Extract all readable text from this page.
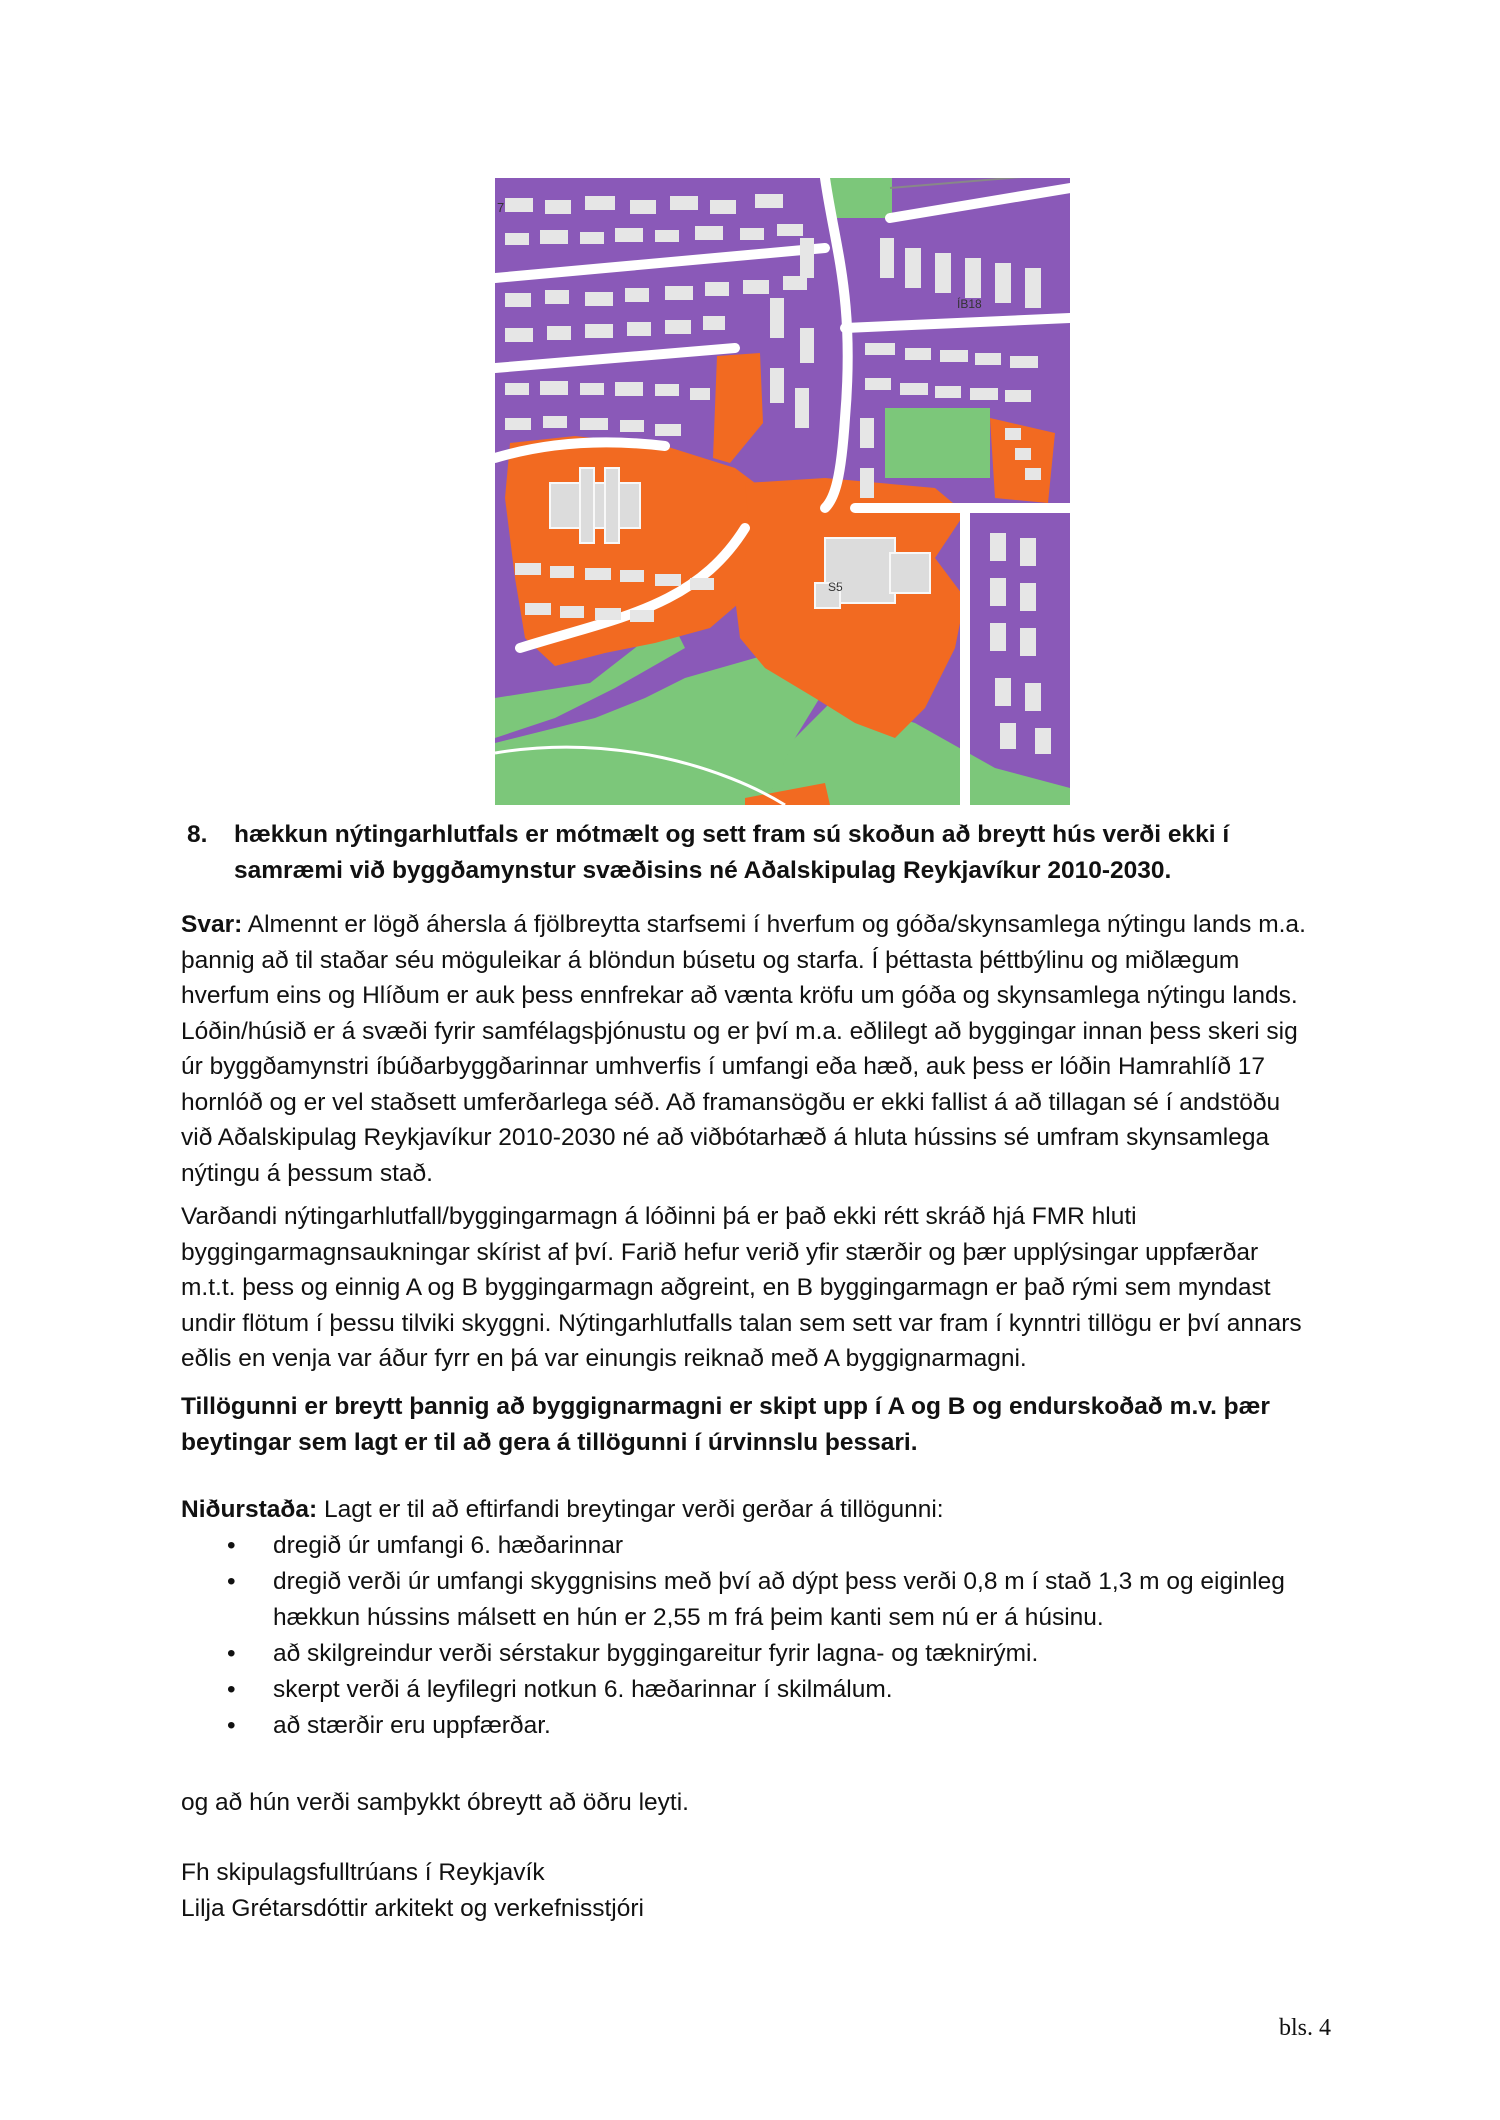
7
ÍB18
S5
8. hækkun nýtingarhlutfals er mótmælt og sett fram sú skoðun að breytt hús verði ekki í
samræmi við byggðamynstur svæðisins né Aðalskipulag Reykjavíkur 2010-2030.
Svar: Almennt er lögð áhersla á fjölbreytta starfsemi í hverfum og góða/skynsamlega nýtingu lands m.a.
þannig að til staðar séu möguleikar á blöndun búsetu og starfa. Í þéttasta þéttbýlinu og miðlægum
hverfum eins og Hlíðum er auk þess ennfrekar að vænta kröfu um góða og skynsamlega nýtingu lands.
Lóðin/húsið er á svæði fyrir samfélagsþjónustu og er því m.a. eðlilegt að byggingar innan þess skeri sig
úr byggðamynstri íbúðarbyggðarinnar umhverfis í umfangi eða hæð, auk þess er lóðin Hamrahlíð 17
hornlóð og er vel staðsett umferðarlega séð. Að framansögðu er ekki fallist á að tillagan sé í andstöðu
við Aðalskipulag Reykjavíkur 2010-2030 né að viðbótarhæð á hluta hússins sé umfram skynsamlega
nýtingu á þessum stað.
Varðandi nýtingarhlutfall/byggingarmagn á lóðinni þá er það ekki rétt skráð hjá FMR hluti
byggingarmagnsaukningar skírist af því. Farið hefur verið yfir stærðir og þær upplýsingar uppfærðar
m.t.t. þess og einnig A og B byggingarmagn aðgreint, en B byggingarmagn er það rými sem myndast
undir flötum í þessu tilviki skyggni. Nýtingarhlutfalls talan sem sett var fram í kynntri tillögu er því annars
eðlis en venja var áður fyrr en þá var einungis reiknað með A byggignarmagni.
Tillögunni er breytt þannig að byggignarmagni er skipt upp í A og B og endurskoðað m.v. þær
beytingar sem lagt er til að gera á tillögunni í úrvinnslu þessari.
Niðurstaða: Lagt er til að eftirfandi breytingar verði gerðar á tillögunni:
• dregið úr umfangi 6. hæðarinnar
• dregið verði úr umfangi skyggnisins með því að dýpt þess verði 0,8 m í stað 1,3 m og eiginleg
hækkun hússins málsett en hún er 2,55 m frá þeim kanti sem nú er á húsinu.
• að skilgreindur verði sérstakur byggingareitur fyrir lagna- og tæknirými.
• skerpt verði á leyfilegri notkun 6. hæðarinnar í skilmálum.
• að stærðir eru uppfærðar.
og að hún verði samþykkt óbreytt að öðru leyti.
Fh skipulagsfulltrúans í Reykjavík
Lilja Grétarsdóttir arkitekt og verkefnisstjóri
bls. 4
